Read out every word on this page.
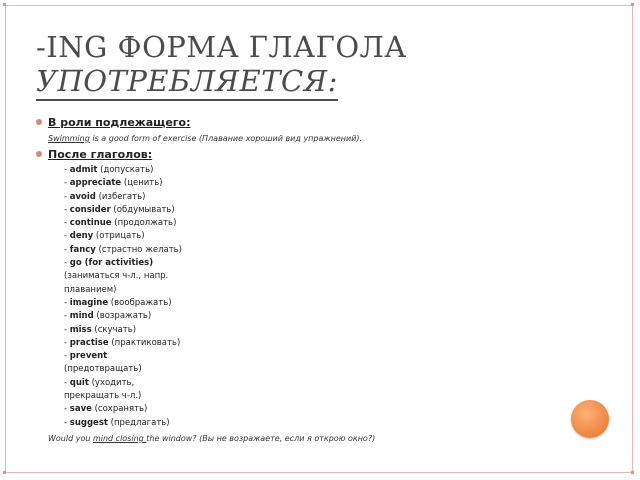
-ING ФОРМА ГЛАГОЛА
УПОТРЕБЛЯЕТСЯ:
В роли подлежащего:
Swimming is a good form of exercise (Плавание хороший вид упражнений).
После глаголов:
- admit (допускать)
- appreciate (ценить)
- avoid (избегать)
- consider (обдумывать)
- continue (продолжать)
- deny (отрицать)
- fancy (страстно желать)
- go (for activities)
(заниматься ч-л., напр.
плаванием)
- imagine (воображать)
- mind (возражать)
- miss (скучать)
- practise (практиковать)
- prevent
(предотвращать)
- quit (уходить,
прекращать ч-л.)
- save (сохранять)
- suggest (предлагать)
Would you mind closing the window? (Вы не возражаете, если я открою окно?)
